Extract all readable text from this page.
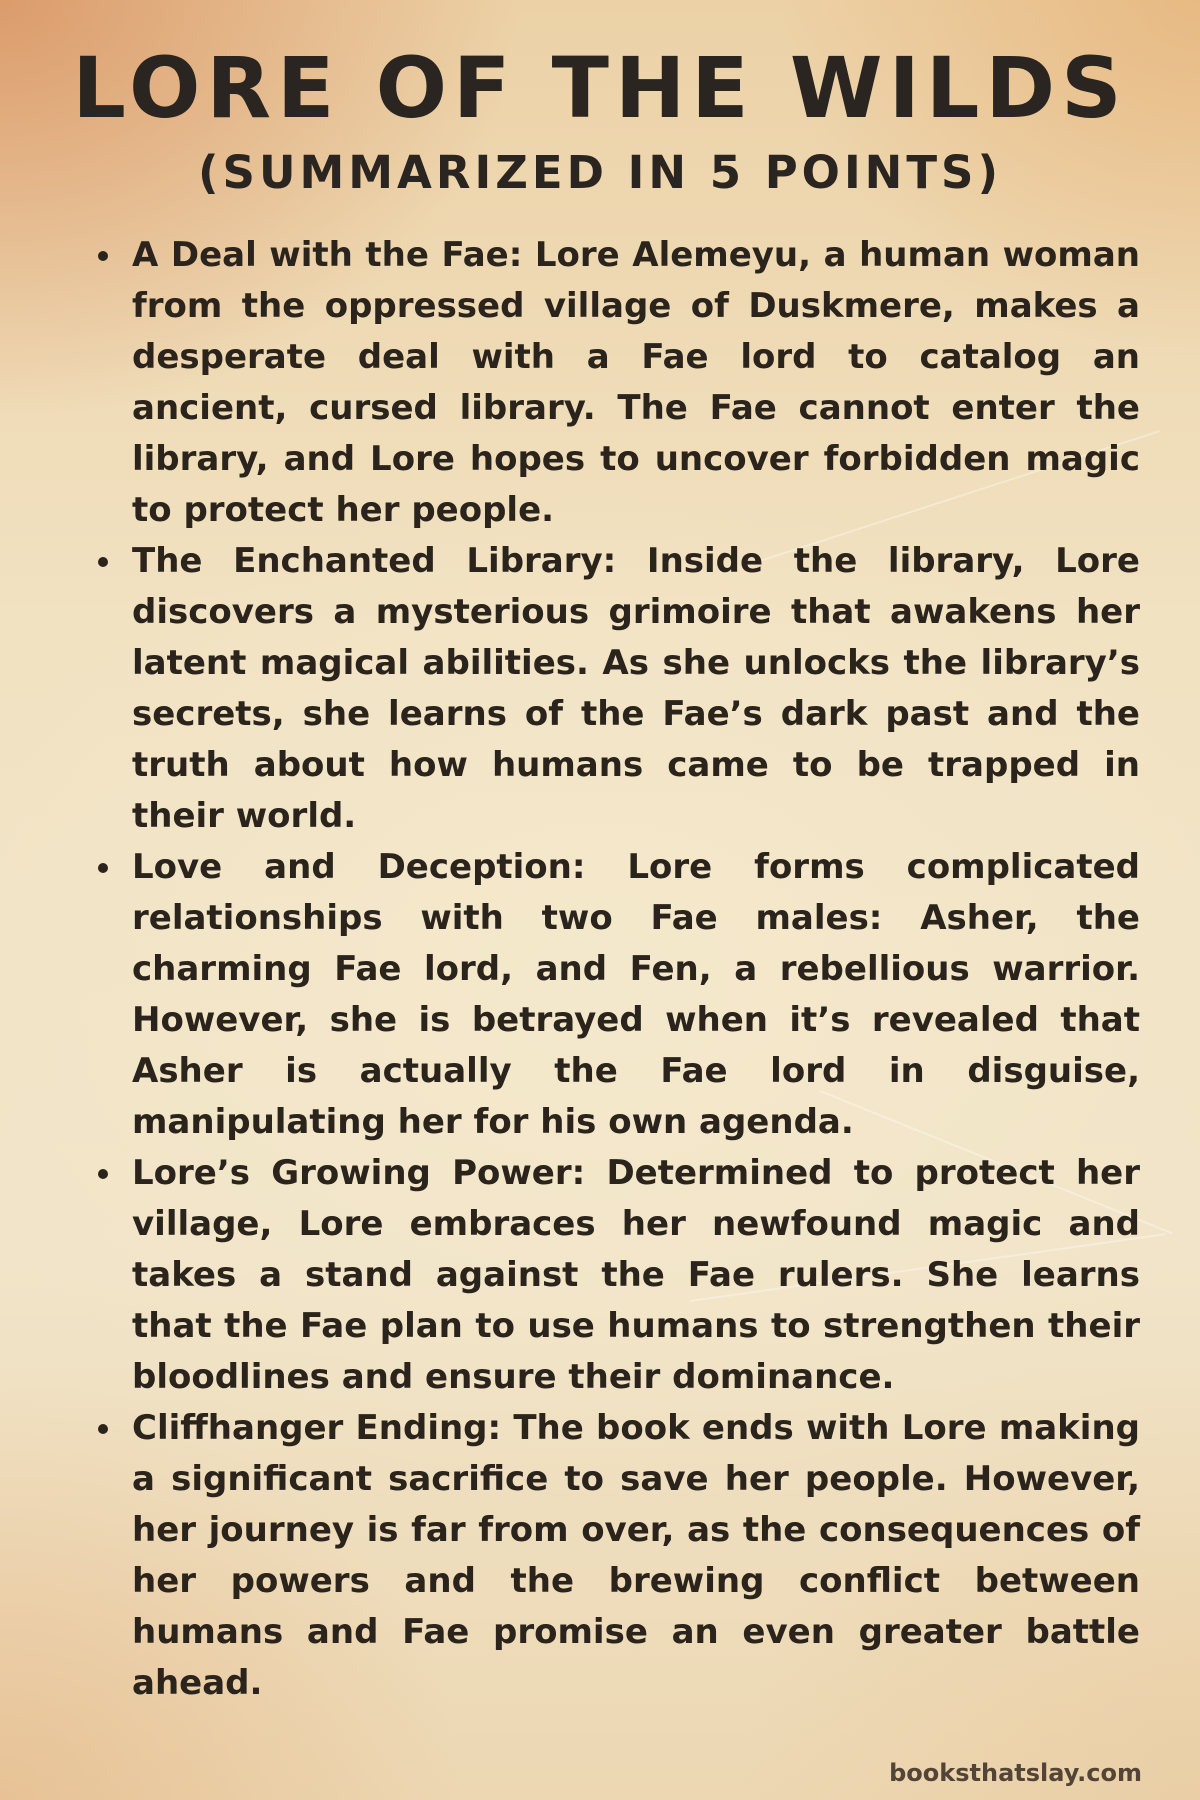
LORE OF THE WILDS
(SUMMARIZED IN 5 POINTS)
A Deal with the Fae: Lore Alemeyu, a human woman from the oppressed village of Duskmere, makes a desperate deal with a Fae lord to catalog an ancient, cursed library. The Fae cannot enter the library, and Lore hopes to uncover forbidden magic to protect her people.
The Enchanted Library: Inside the library, Lore discovers a mysterious grimoire that awakens her latent magical abilities. As she unlocks the library’s secrets, she learns of the Fae’s dark past and the truth about how humans came to be trapped in their world.
Love and Deception: Lore forms complicated relationships with two Fae males: Asher, the charming Fae lord, and Fen, a rebellious warrior. However, she is betrayed when it’s revealed that Asher is actually the Fae lord in disguise, manipulating her for his own agenda.
Lore’s Growing Power: Determined to protect her village, Lore embraces her newfound magic and takes a stand against the Fae rulers. She learns that the Fae plan to use humans to strengthen their bloodlines and ensure their dominance.
Cliffhanger Ending: The book ends with Lore making a significant sacrifice to save her people. However, her journey is far from over, as the consequences of her powers and the brewing conflict between humans and Fae promise an even greater battle ahead.

booksthatslay.com
